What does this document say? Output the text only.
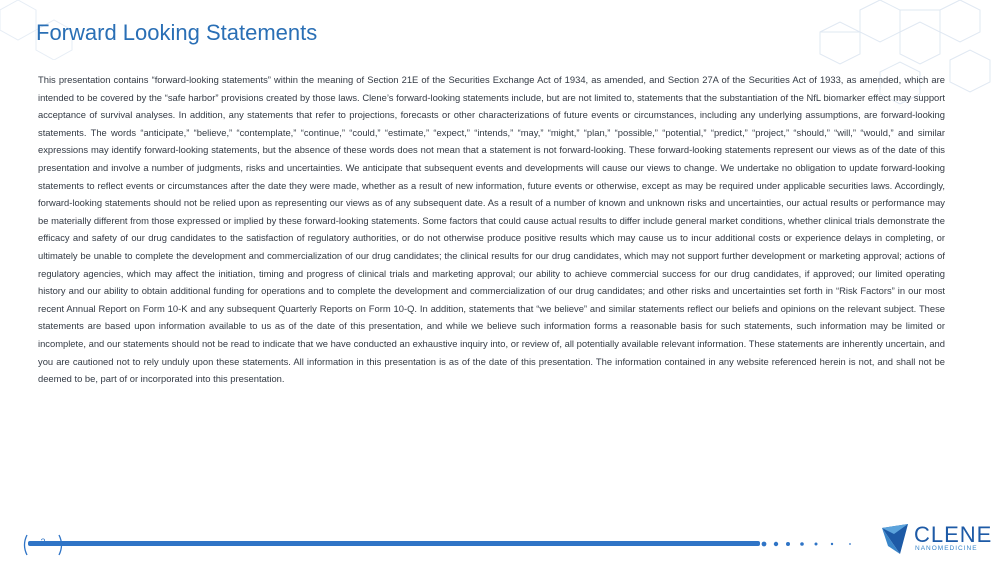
Forward Looking Statements
This presentation contains “forward-looking statements” within the meaning of Section 21E of the Securities Exchange Act of 1934, as amended, and Section 27A of the Securities Act of 1933, as amended, which are intended to be covered by the “safe harbor” provisions created by those laws. Clene’s forward-looking statements include, but are not limited to, statements that the substantiation of the NfL biomarker effect may support acceptance of survival analyses. In addition, any statements that refer to projections, forecasts or other characterizations of future events or circumstances, including any underlying assumptions, are forward-looking statements. The words “anticipate,” “believe,” “contemplate,” “continue,” “could,” “estimate,” “expect,” “intends,” “may,” “might,” “plan,” “possible,” “potential,” “predict,” “project,” “should,” “will,” “would,” and similar expressions may identify forward-looking statements, but the absence of these words does not mean that a statement is not forward-looking. These forward-looking statements represent our views as of the date of this presentation and involve a number of judgments, risks and uncertainties. We anticipate that subsequent events and developments will cause our views to change. We undertake no obligation to update forward-looking statements to reflect events or circumstances after the date they were made, whether as a result of new information, future events or otherwise, except as may be required under applicable securities laws. Accordingly, forward-looking statements should not be relied upon as representing our views as of any subsequent date. As a result of a number of known and unknown risks and uncertainties, our actual results or performance may be materially different from those expressed or implied by these forward-looking statements. Some factors that could cause actual results to differ include general market conditions, whether clinical trials demonstrate the efficacy and safety of our drug candidates to the satisfaction of regulatory authorities, or do not otherwise produce positive results which may cause us to incur additional costs or experience delays in completing, or ultimately be unable to complete the development and commercialization of our drug candidates; the clinical results for our drug candidates, which may not support further development or marketing approval; actions of regulatory agencies, which may affect the initiation, timing and progress of clinical trials and marketing approval; our ability to achieve commercial success for our drug candidates, if approved; our limited operating history and our ability to obtain additional funding for operations and to complete the development and commercialization of our drug candidates; and other risks and uncertainties set forth in “Risk Factors” in our most recent Annual Report on Form 10-K and any subsequent Quarterly Reports on Form 10-Q. In addition, statements that “we believe” and similar statements reflect our beliefs and opinions on the relevant subject. These statements are based upon information available to us as of the date of this presentation, and while we believe such information forms a reasonable basis for such statements, such information may be limited or incomplete, and our statements should not be read to indicate that we have conducted an exhaustive inquiry into, or review of, all potentially available relevant information. These statements are inherently uncertain, and you are cautioned not to rely unduly upon these statements. All information in this presentation is as of the date of this presentation. The information contained in any website referenced herein is not, and shall not be deemed to be, part of or incorporated into this presentation.
2	CLENE
NANOMEDICINE
